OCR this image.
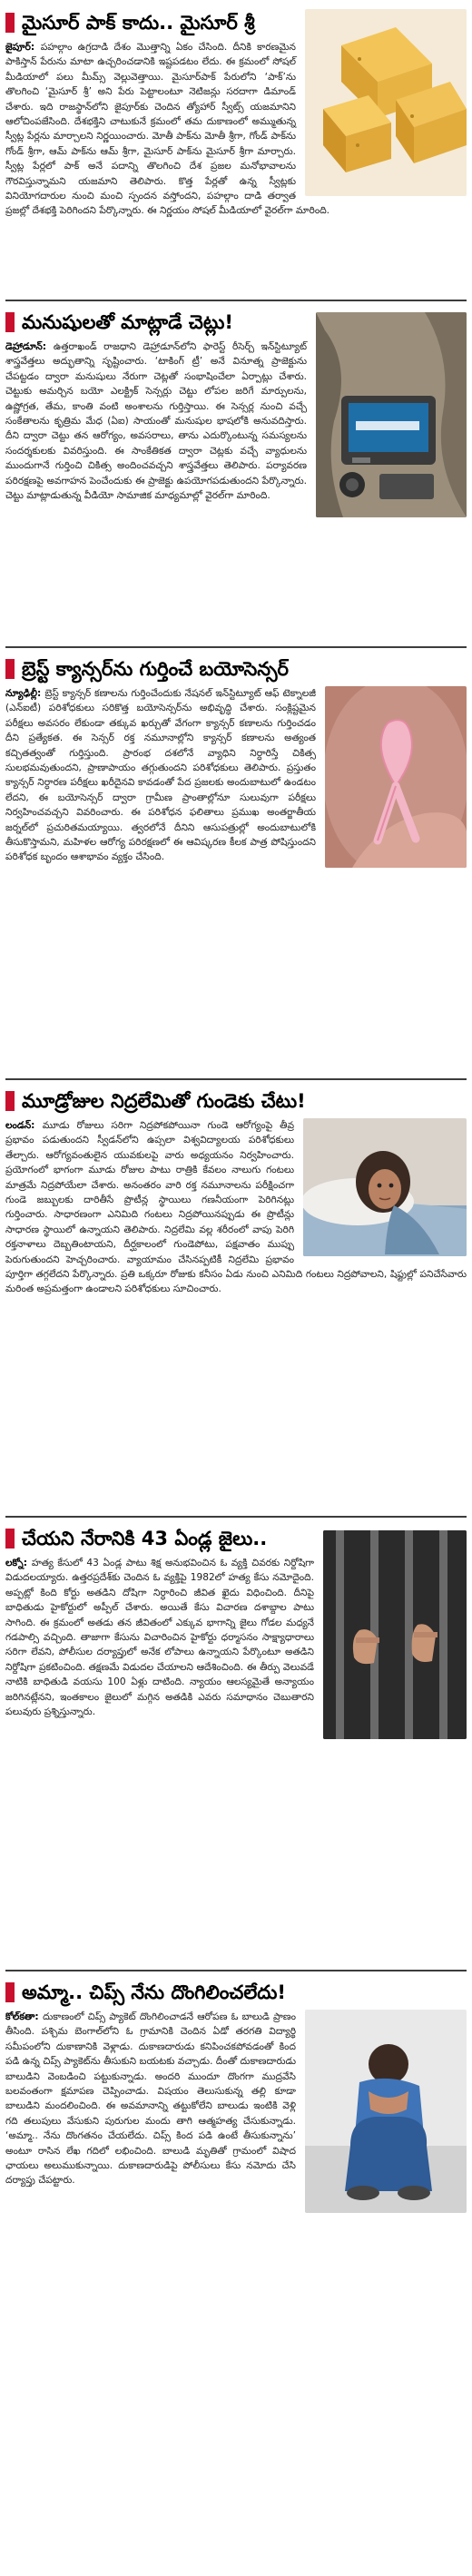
మైసూర్ పాక్ కాదు.. మైసూర్ శ్రీ
జైపూర్: పహల్గాం ఉగ్రదాడి దేశం మొత్తాన్ని ఏకం చేసింది. దీనికి కారణమైన పాకిస్తాన్ పేరును మాటా ఉచ్చరించడానికి ఇష్టపడటం లేదు. ఈ క్రమంలో సోషల్ మీడియాలో పలు మీమ్స్ వెల్లువెత్తాయి. మైసూర్‌పాక్ పేరులోని ‘పాక్’ను తొలగించి ‘మైసూర్ శ్రీ’ అని పేరు పెట్టాలంటూ నెటిజన్లు సరదాగా డిమాండ్ చేశారు. ఇది రాజస్థాన్‌లోని జైపూర్‌కు చెందిన త్యోహార్ స్వీట్స్ యజమానిని ఆలోచింపజేసింది. దేశభక్తిని చాటుకునే క్రమంలో తమ దుకాణంలో అమ్ముతున్న స్వీట్ల పేర్లను మార్చాలని నిర్ణయించారు. మోతీ పాక్‌ను మోతీ శ్రీగా, గోండ్ పాక్‌ను గోండ్ శ్రీగా, ఆమ్ పాక్‌ను ఆమ్ శ్రీగా, మైసూర్ పాక్‌ను మైసూర్ శ్రీగా మార్చారు. స్వీట్ల పేర్లలో పాక్ అనే పదాన్ని తొలగించి దేశ ప్రజల మనోభావాలను గౌరవిస్తున్నామని యజమాని తెలిపారు. కొత్త పేర్లతో ఉన్న స్వీట్లకు వినియోగదారుల నుంచి మంచి స్పందన వస్తోందని, పహల్గాం దాడి తర్వాత ప్రజల్లో దేశభక్తి పెరిగిందని పేర్కొన్నారు. ఈ నిర్ణయం సోషల్ మీడియాలో వైరల్‌గా మారింది.
మనుషులతో మాట్లాడే చెట్లు!
డెహ్రాడూన్: ఉత్తరాఖండ్ రాజధాని డెహ్రాడూన్‌లోని ఫారెస్ట్ రీసెర్చ్ ఇన్‌స్టిట్యూట్ శాస్త్రవేత్తలు అద్భుతాన్ని సృష్టించారు. ‘టాకింగ్ ట్రీ’ అనే వినూత్న ప్రాజెక్టును చేపట్టడం ద్వారా మనుషులు నేరుగా చెట్లతో సంభాషించేలా ఏర్పాట్లు చేశారు. చెట్టుకు అమర్చిన బయో ఎలక్ట్రిక్ సెన్సర్లు చెట్టు లోపల జరిగే మార్పులను, ఉష్ణోగ్రత, తేమ, కాంతి వంటి అంశాలను గుర్తిస్తాయి. ఈ సెన్సర్ల నుంచి వచ్చే సంకేతాలను కృత్రిమ మేధ (ఏఐ) సాయంతో మనుషుల భాషలోకి అనువదిస్తారు. దీని ద్వారా చెట్టు తన ఆరోగ్యం, అవసరాలు, తాను ఎదుర్కొంటున్న సమస్యలను సందర్శకులకు వివరిస్తుంది. ఈ సాంకేతికత ద్వారా చెట్లకు వచ్చే వ్యాధులను ముందుగానే గుర్తించి చికిత్స అందించవచ్చని శాస్త్రవేత్తలు తెలిపారు. పర్యావరణ పరిరక్షణపై అవగాహన పెంచేందుకు ఈ ప్రాజెక్టు ఉపయోగపడుతుందని పేర్కొన్నారు. చెట్టు మాట్లాడుతున్న వీడియో సామాజిక మాధ్యమాల్లో వైరల్‌గా మారింది.
బ్రెస్ట్ క్యాన్సర్‌ను గుర్తించే బయోసెన్సర్
న్యూఢిల్లీ: బ్రెస్ట్ క్యాన్సర్ కణాలను గుర్తించేందుకు నేషనల్ ఇన్‌స్టిట్యూట్ ఆఫ్ టెక్నాలజీ (ఎన్‌ఐటీ) పరిశోధకులు సరికొత్త బయోసెన్సర్‌ను అభివృద్ధి చేశారు. సంక్లిష్టమైన పరీక్షలు అవసరం లేకుండా తక్కువ ఖర్చుతో వేగంగా క్యాన్సర్ కణాలను గుర్తించడం దీని ప్రత్యేకత. ఈ సెన్సర్ రక్త నమూనాల్లోని క్యాన్సర్ కణాలను అత్యంత కచ్చితత్వంతో గుర్తిస్తుంది. ప్రారంభ దశలోనే వ్యాధిని నిర్ధారిస్తే చికిత్స సులభమవుతుందని, ప్రాణాపాయం తగ్గుతుందని పరిశోధకులు తెలిపారు. ప్రస్తుతం క్యాన్సర్ నిర్ధారణ పరీక్షలు ఖరీదైనవి కావడంతో పేద ప్రజలకు అందుబాటులో ఉండటం లేదని, ఈ బయోసెన్సర్ ద్వారా గ్రామీణ ప్రాంతాల్లోనూ సులువుగా పరీక్షలు నిర్వహించవచ్చని వివరించారు. ఈ పరిశోధన ఫలితాలు ప్రముఖ అంతర్జాతీయ జర్నల్‌లో ప్రచురితమయ్యాయి. త్వరలోనే దీనిని ఆసుపత్రుల్లో అందుబాటులోకి తీసుకొస్తామని, మహిళల ఆరోగ్య పరిరక్షణలో ఈ ఆవిష్కరణ కీలక పాత్ర పోషిస్తుందని పరిశోధక బృందం ఆశాభావం వ్యక్తం చేసింది.
మూడ్రోజుల నిద్రలేమితో గుండెకు చేటు!
లండన్: మూడు రోజులు సరిగా నిద్రపోకపోయినా గుండె ఆరోగ్యంపై తీవ్ర ప్రభావం పడుతుందని స్వీడన్‌లోని ఉప్సలా విశ్వవిద్యాలయ పరిశోధకులు తేల్చారు. ఆరోగ్యవంతులైన యువకులపై వారు అధ్యయనం నిర్వహించారు. ప్రయోగంలో భాగంగా మూడు రోజుల పాటు రాత్రికి కేవలం నాలుగు గంటలు మాత్రమే నిద్రపోయేలా చేశారు. అనంతరం వారి రక్త నమూనాలను పరీక్షించగా గుండె జబ్బులకు దారితీసే ప్రొటీన్ల స్థాయిలు గణనీయంగా పెరిగినట్లు గుర్తించారు. సాధారణంగా ఎనిమిది గంటలు నిద్రపోయినప్పుడు ఈ ప్రొటీన్లు సాధారణ స్థాయిలో ఉన్నాయని తెలిపారు. నిద్రలేమి వల్ల శరీరంలో వాపు పెరిగి రక్తనాళాలు దెబ్బతింటాయని, దీర్ఘకాలంలో గుండెపోటు, పక్షవాతం ముప్పు పెరుగుతుందని హెచ్చరించారు. వ్యాయామం చేసినప్పటికీ నిద్రలేమి ప్రభావం పూర్తిగా తగ్గలేదని పేర్కొన్నారు. ప్రతి ఒక్కరూ రోజుకు కనీసం ఏడు నుంచి ఎనిమిది గంటలు నిద్రపోవాలని, షిఫ్టుల్లో పనిచేసేవారు మరింత అప్రమత్తంగా ఉండాలని పరిశోధకులు సూచించారు.
చేయని నేరానికి 43 ఏండ్ల జైలు..
లక్నో: హత్య కేసులో 43 ఏండ్ల పాటు శిక్ష అనుభవించిన ఓ వ్యక్తి చివరకు నిర్దోషిగా విడుదలయ్యారు. ఉత్తరప్రదేశ్‌కు చెందిన ఓ వ్యక్తిపై 1982లో హత్య కేసు నమోదైంది. అప్పట్లో కింది కోర్టు అతడిని దోషిగా నిర్ధారించి జీవిత ఖైదు విధించింది. దీనిపై బాధితుడు హైకోర్టులో అప్పీల్ చేశారు. అయితే కేసు విచారణ దశాబ్దాల పాటు సాగింది. ఈ క్రమంలో అతడు తన జీవితంలో ఎక్కువ భాగాన్ని జైలు గోడల మధ్యనే గడపాల్సి వచ్చింది. తాజాగా కేసును విచారించిన హైకోర్టు ధర్మాసనం సాక్ష్యాధారాలు సరిగా లేవని, పోలీసుల దర్యాప్తులో అనేక లోపాలు ఉన్నాయని పేర్కొంటూ అతడిని నిర్దోషిగా ప్రకటించింది. తక్షణమే విడుదల చేయాలని ఆదేశించింది. ఈ తీర్పు వెలువడే నాటికి బాధితుడి వయసు 100 ఏళ్లు దాటింది. న్యాయం ఆలస్యమైతే అన్యాయం జరిగినట్లేనని, ఇంతకాలం జైలులో మగ్గిన అతడికి ఎవరు సమాధానం చెబుతారని పలువురు ప్రశ్నిస్తున్నారు.
అమ్మా.. చిప్స్ నేను దొంగిలించలేదు!
కోల్‌కతా: దుకాణంలో చిప్స్ ప్యాకెట్ దొంగిలించాడనే ఆరోపణ ఓ బాలుడి ప్రాణం తీసింది. పశ్చిమ బెంగాల్‌లోని ఓ గ్రామానికి చెందిన ఏడో తరగతి విద్యార్థి సమీపంలోని దుకాణానికి వెళ్లాడు. దుకాణదారుడు కనిపించకపోవడంతో కింద పడి ఉన్న చిప్స్ ప్యాకెట్‌ను తీసుకుని బయటకు వచ్చాడు. దీంతో దుకాణదారుడు బాలుడిని వెంబడించి పట్టుకున్నాడు. అందరి ముందూ దొంగగా ముద్రవేసి బలవంతంగా క్షమాపణ చెప్పించాడు. విషయం తెలుసుకున్న తల్లి కూడా బాలుడిని మందలించింది. ఈ అవమానాన్ని తట్టుకోలేని బాలుడు ఇంటికి వెళ్లి గది తలుపులు వేసుకుని పురుగుల మందు తాగి ఆత్మహత్య చేసుకున్నాడు. ‘అమ్మా.. నేను దొంగతనం చేయలేదు. చిప్స్ కింద పడి ఉంటే తీసుకున్నాను’ అంటూ రాసిన లేఖ గదిలో లభించింది. బాలుడి మృతితో గ్రామంలో విషాద ఛాయలు అలుముకున్నాయి. దుకాణదారుడిపై పోలీసులు కేసు నమోదు చేసి దర్యాప్తు చేపట్టారు.
